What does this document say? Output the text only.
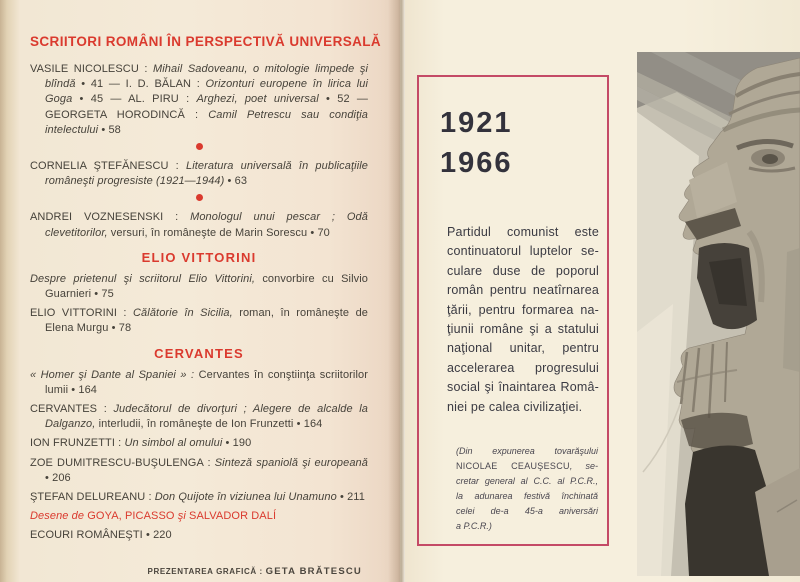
SCRIITORI ROMÂNI ÎN PERSPECTIVĂ UNIVERSALĂ
VASILE NICOLESCU : Mihail Sadoveanu, o mitologie limpede şi blîndă • 41 — I. D. BĂLAN : Orizonturi europene în lirica lui Goga • 45 — AL. PIRU : Arghezi, poet universal • 52 — GEORGETA HORODINCĂ : Camil Petrescu sau condiţia intelectului • 58
CORNELIA ŞTEFĂNESCU : Literatura universală în publicaţiile româneşti progresiste (1921—1944) • 63
ANDREI VOZNESENSKI : Monologul unui pescar ; Odă clevetitorilor, versuri, în româneşte de Marin Sorescu • 70
ELIO VITTORINI
Despre prietenul şi scriitorul Elio Vittorini, convorbire cu Silvio Guarnieri • 75
ELIO VITTORINI : Călătorie în Sicilia, roman, în româneşte de Elena Murgu • 78
CERVANTES
« Homer şi Dante al Spaniei » : Cervantes în conştiinţa scriitorilor lumii • 164
CERVANTES : Judecătorul de divorţuri ; Alegere de alcalde la Dalganzo, interludii, în româneşte de Ion Frunzetti • 164
ION FRUNZETTI : Un simbol al omului • 190
ZOE DUMITRESCU-BUŞULENGA : Sinteză spaniolă şi europeană • 206
ŞTEFAN DELUREANU : Don Quijote în viziunea lui Unamuno • 211
Desene de GOYA, PICASSO şi SALVADOR DALÍ
ECOURI ROMÂNEŞTI • 220
PREZENTAREA GRAFICĂ : GETA BRĂTESCU
1921
1966
Partidul comunist este
continuatorul luptelor se-
culare duse de poporul
român pentru neatîrnarea
ţării, pentru formarea na-
ţiunii române şi a statului
naţional unitar, pentru
accelerarea progresului
social şi înaintarea Româ-
niei pe calea civilizaţiei.
(Din expunerea tovarăşului
NICOLAE CEAUŞESCU, se-
cretar general al C.C. al P.C.R.,
la adunarea festivă închinată
celei de-a 45-a aniversări
a P.C.R.)
